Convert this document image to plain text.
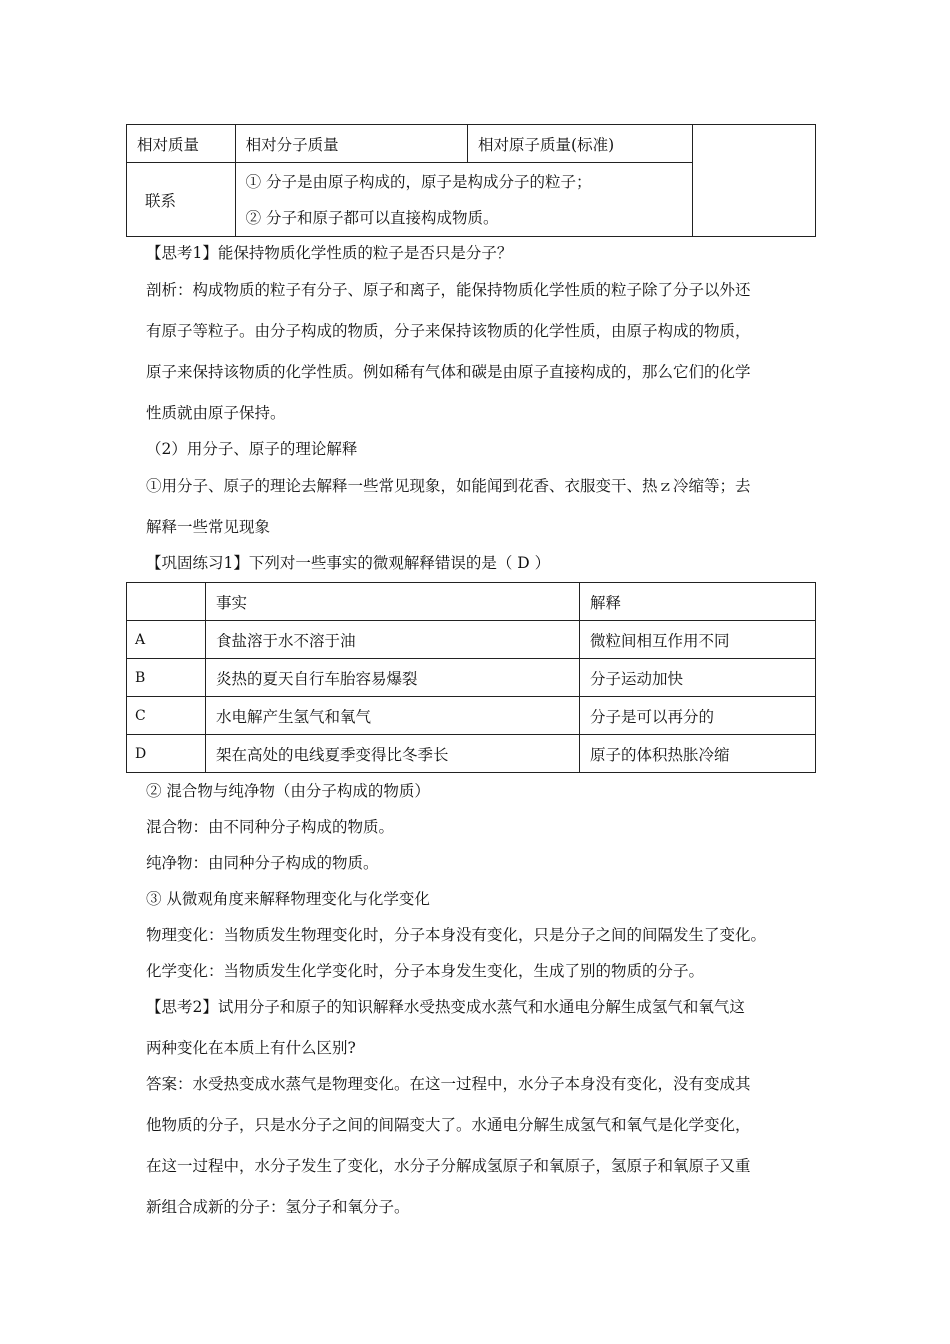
相对质量	相对分子质量	相对原子质量(标准)	
联系	① 分子是由原子构成的，原子是构成分子的粒子；
② 分子和原子都可以直接构成物质。		
【思考1】能保持物质化学性质的粒子是否只是分子？
剖析：构成物质的粒子有分子、原子和离子，能保持物质化学性质的粒子除了分子以外还
有原子等粒子。由分子构成的物质，分子来保持该物质的化学性质，由原子构成的物质，
原子来保持该物质的化学性质。例如稀有气体和碳是由原子直接构成的，那么它们的化学
性质就由原子保持。
（2）用分子、原子的理论解释
①用分子、原子的理论去解释一些常见现象，如能闻到花香、衣服变干、热ｚ冷缩等；去
解释一些常见现象
【巩固练习1】下列对一些事实的微观解释错误的是（ D ）
	事实	解释
A	食盐溶于水不溶于油	微粒间相互作用不同
B	炎热的夏天自行车胎容易爆裂	分子运动加快
C	水电解产生氢气和氧气	分子是可以再分的
D	架在高处的电线夏季变得比冬季长	原子的体积热胀冷缩
② 混合物与纯净物（由分子构成的物质）
混合物：由不同种分子构成的物质。
纯净物：由同种分子构成的物质。
③ 从微观角度来解释物理变化与化学变化
物理变化：当物质发生物理变化时，分子本身没有变化，只是分子之间的间隔发生了变化。
化学变化：当物质发生化学变化时，分子本身发生变化，生成了别的物质的分子。
【思考2】试用分子和原子的知识解释水受热变成水蒸气和水通电分解生成氢气和氧气这
两种变化在本质上有什么区别?
答案：水受热变成水蒸气是物理变化。在这一过程中，水分子本身没有变化，没有变成其
他物质的分子，只是水分子之间的间隔变大了。水通电分解生成氢气和氧气是化学变化，
在这一过程中，水分子发生了变化，水分子分解成氢原子和氧原子，氢原子和氧原子又重
新组合成新的分子：氢分子和氧分子。
